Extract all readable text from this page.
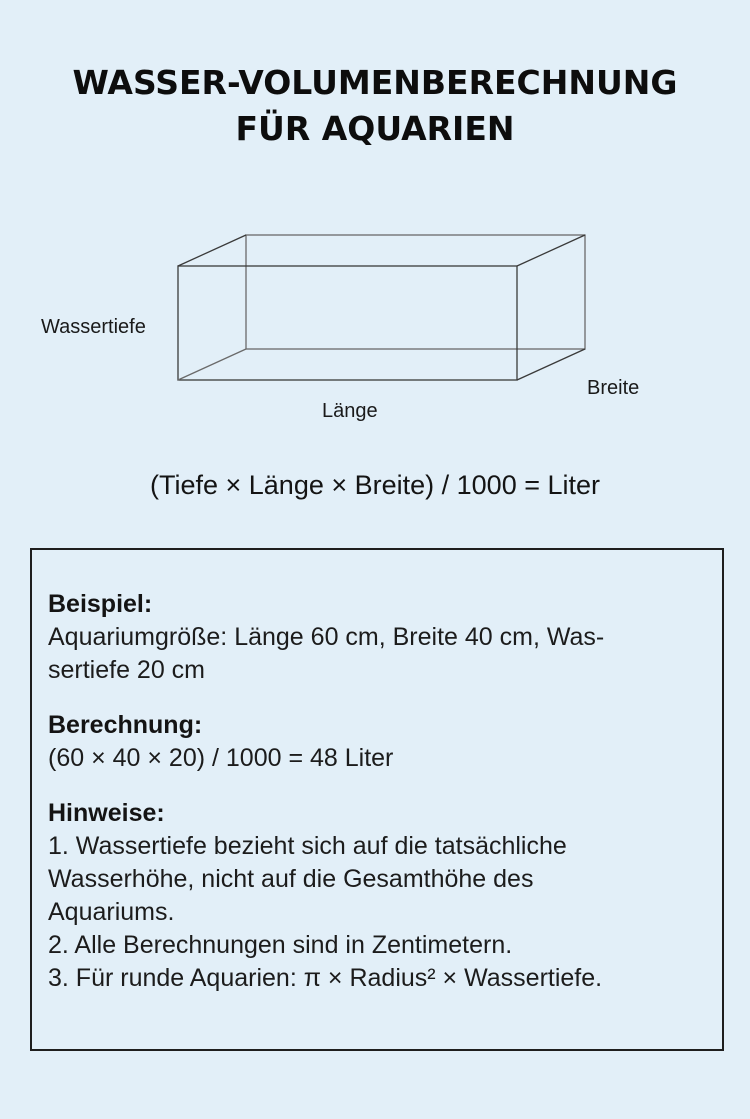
WASSER-VOLUMENBERECHNUNG
FÜR AQUARIEN
Wassertiefe
Länge
Breite
(Tiefe × Länge × Breite) / 1000 = Liter
Beispiel:
Aquariumgröße: Länge 60 cm, Breite 40 cm, Was-
sertiefe 20 cm
Berechnung:
(60 × 40 × 20) / 1000 = 48 Liter
Hinweise:
1. Wassertiefe bezieht sich auf die tatsächliche
Wasserhöhe, nicht auf die Gesamthöhe des
Aquariums.
2. Alle Berechnungen sind in Zentimetern.
3. Für runde Aquarien: π × Radius² × Wassertiefe.
